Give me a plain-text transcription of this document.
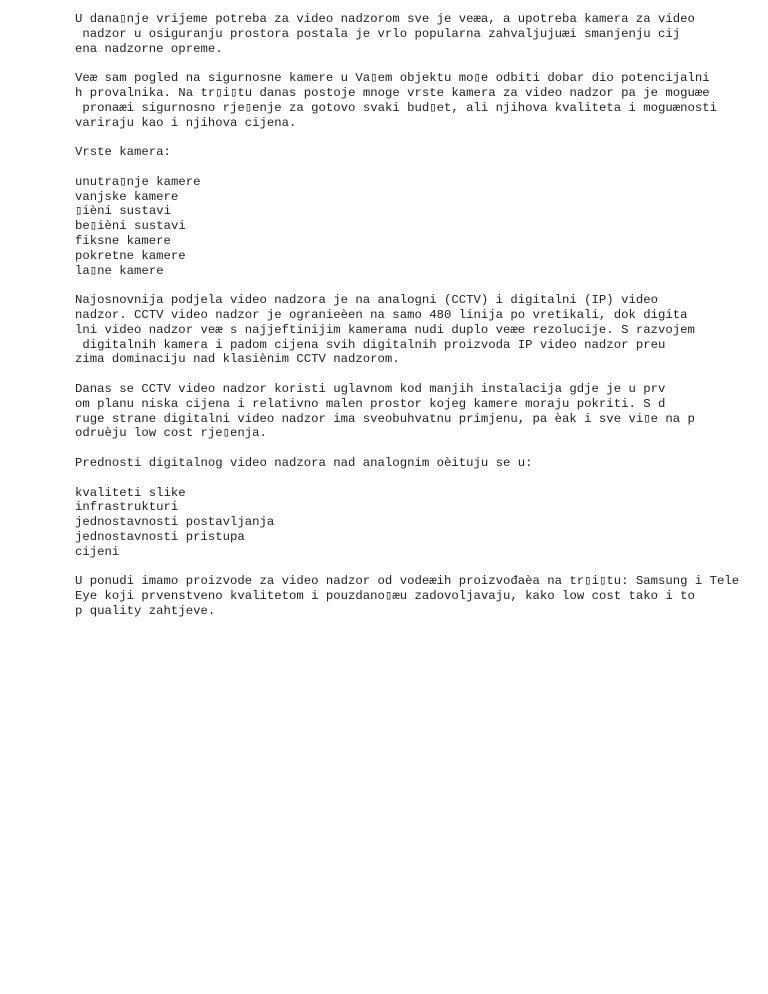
U dana▯nje vrijeme potreba za video nadzorom sve je veæa, a upotreba kamera za video
nadzor u osiguranju prostora postala je vrlo popularna zahvaljujuæi smanjenju cij
ena nadzorne opreme.
Veæ sam pogled na sigurnosne kamere u Va▯em objektu mo▯e odbiti dobar dio potencijalni
h provalnika. Na tr▯i▯tu danas postoje mnoge vrste kamera za video nadzor pa je moguæe
pronaæi sigurnosno rje▯enje za gotovo svaki bud▯et, ali njihova kvaliteta i moguænosti
variraju kao i njihova cijena.
Vrste kamera:
unutra▯nje kamere
vanjske kamere
▯ièni sustavi
be▯ièni sustavi
fiksne kamere
pokretne kamere
la▯ne kamere
Najosnovnija podjela video nadzora je na analogni (CCTV) i digitalni (IP) video
nadzor. CCTV video nadzor je ogranieèen na samo 480 linija po vretikali, dok digita
lni video nadzor veæ s najjeftinijim kamerama nudi duplo veæe rezolucije. S razvojem
digitalnih kamera i padom cijena svih digitalnih proizvoda IP video nadzor preu
zima dominaciju nad klasiènim CCTV nadzorom.
Danas se CCTV video nadzor koristi uglavnom kod manjih instalacija gdje je u prv
om planu niska cijena i relativno malen prostor kojeg kamere moraju pokriti. S d
ruge strane digitalni video nadzor ima sveobuhvatnu primjenu, pa èak i sve vi▯e na p
odruèju low cost rje▯enja.
Prednosti digitalnog video nadzora nad analognim oèituju se u:
kvaliteti slike
infrastrukturi
jednostavnosti postavljanja
jednostavnosti pristupa
cijeni
U ponudi imamo proizvode za video nadzor od vodeæih proizvođaèa na tr▯i▯tu: Samsung i Tele
Eye koji prvenstveno kvalitetom i pouzdano▯æu zadovoljavaju, kako low cost tako i to
p quality zahtjeve.
